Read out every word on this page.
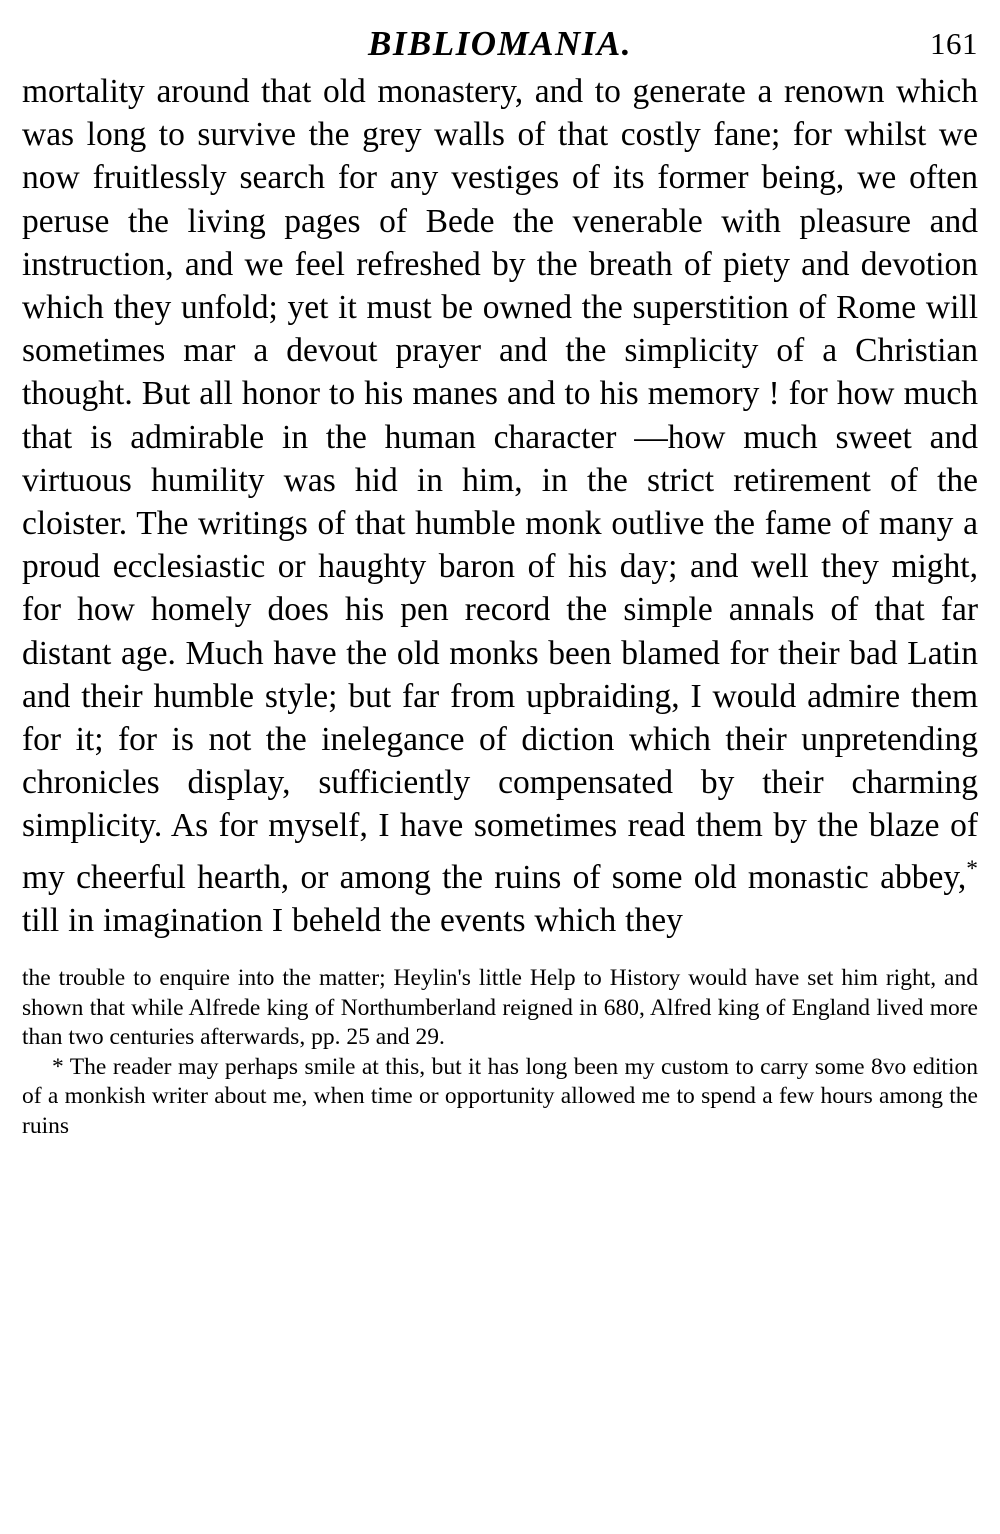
BIBLIOMANIA.	161

mortality around that old monastery, and to generate a renown which was long to survive the grey walls of that costly fane; for whilst we now fruitlessly search for any vestiges of its former being, we often peruse the living pages of Bede the venerable with pleasure and instruction, and we feel refreshed by the breath of piety and devotion which they unfold; yet it must be owned the superstition of Rome will sometimes mar a devout prayer and the simplicity of a Christian thought. But all honor to his manes and to his memory ! for how much that is admirable in the human character —how much sweet and virtuous humility was hid in him, in the strict retirement of the cloister. The writings of that humble monk outlive the fame of many a proud ecclesiastic or haughty baron of his day; and well they might, for how homely does his pen record the simple annals of that far distant age. Much have the old monks been blamed for their bad Latin and their humble style; but far from upbraiding, I would admire them for it; for is not the inelegance of diction which their unpretending chronicles display, sufficiently compensated by their charming simplicity. As for myself, I have sometimes read them by the blaze of my cheerful hearth, or among the ruins of some old monastic abbey,* till in imagination I beheld the events which they

the trouble to enquire into the matter; Heylin's little Help to History would have set him right, and shown that while Alfrede king of Northumberland reigned in 680, Alfred king of England lived more than two centuries afterwards, pp. 25 and 29.

* The reader may perhaps smile at this, but it has long been my custom to carry some 8vo edition of a monkish writer about me, when time or opportunity allowed me to spend a few hours among the ruins
